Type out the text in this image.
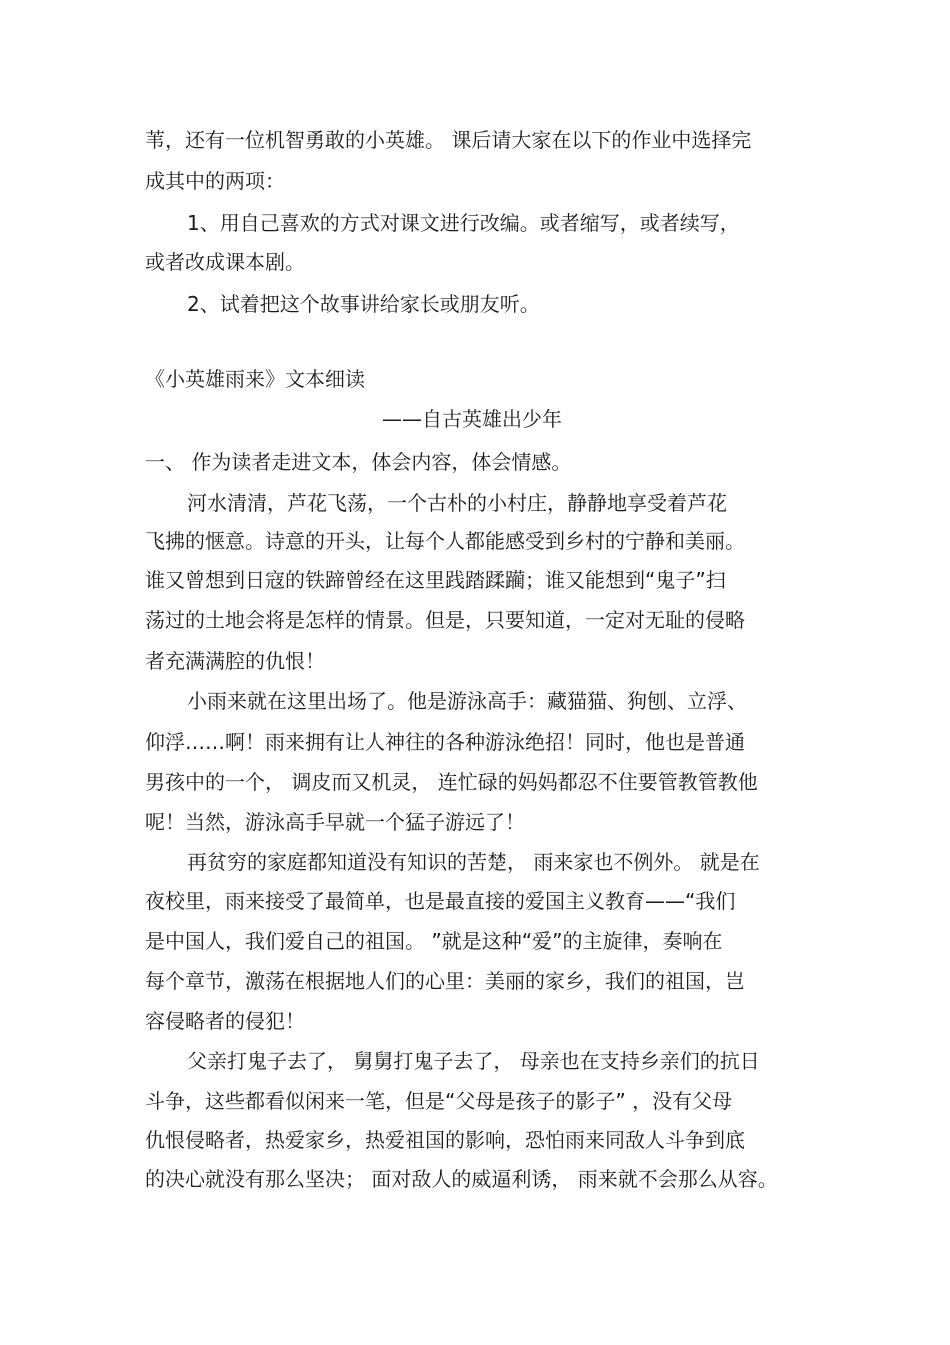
苇，还有一位机智勇敢的小英雄。 课后请大家在以下的作业中选择完
成其中的两项：
1、用自己喜欢的方式对课文进行改编。或者缩写，或者续写，
或者改成课本剧。
2、试着把这个故事讲给家长或朋友听。
《小英雄雨来》文本细读
——自古英雄出少年
一、 作为读者走进文本，体会内容，体会情感。
河水清清，芦花飞荡，一个古朴的小村庄，静静地享受着芦花
飞拂的惬意。诗意的开头，让每个人都能感受到乡村的宁静和美丽。
谁又曾想到日寇的铁蹄曾经在这里践踏蹂躏；谁又能想到“鬼子”扫
荡过的土地会将是怎样的情景。但是，只要知道，一定对无耻的侵略
者充满满腔的仇恨！
小雨来就在这里出场了。他是游泳高手：藏猫猫、狗刨、立浮、
仰浮……啊！雨来拥有让人神往的各种游泳绝招！同时，他也是普通
男孩中的一个， 调皮而又机灵， 连忙碌的妈妈都忍不住要管教管教他
呢！当然，游泳高手早就一个猛子游远了！
再贫穷的家庭都知道没有知识的苦楚， 雨来家也不例外。 就是在
夜校里，雨来接受了最简单，也是最直接的爱国主义教育——“我们
是中国人，我们爱自己的祖国。 ”就是这种“爱”的主旋律，奏响在
每个章节，激荡在根据地人们的心里：美丽的家乡，我们的祖国，岂
容侵略者的侵犯！
父亲打鬼子去了， 舅舅打鬼子去了， 母亲也在支持乡亲们的抗日
斗争，这些都看似闲来一笔，但是“父母是孩子的影子” ，没有父母
仇恨侵略者，热爱家乡，热爱祖国的影响，恐怕雨来同敌人斗争到底
的决心就没有那么坚决； 面对敌人的威逼利诱， 雨来就不会那么从容。
